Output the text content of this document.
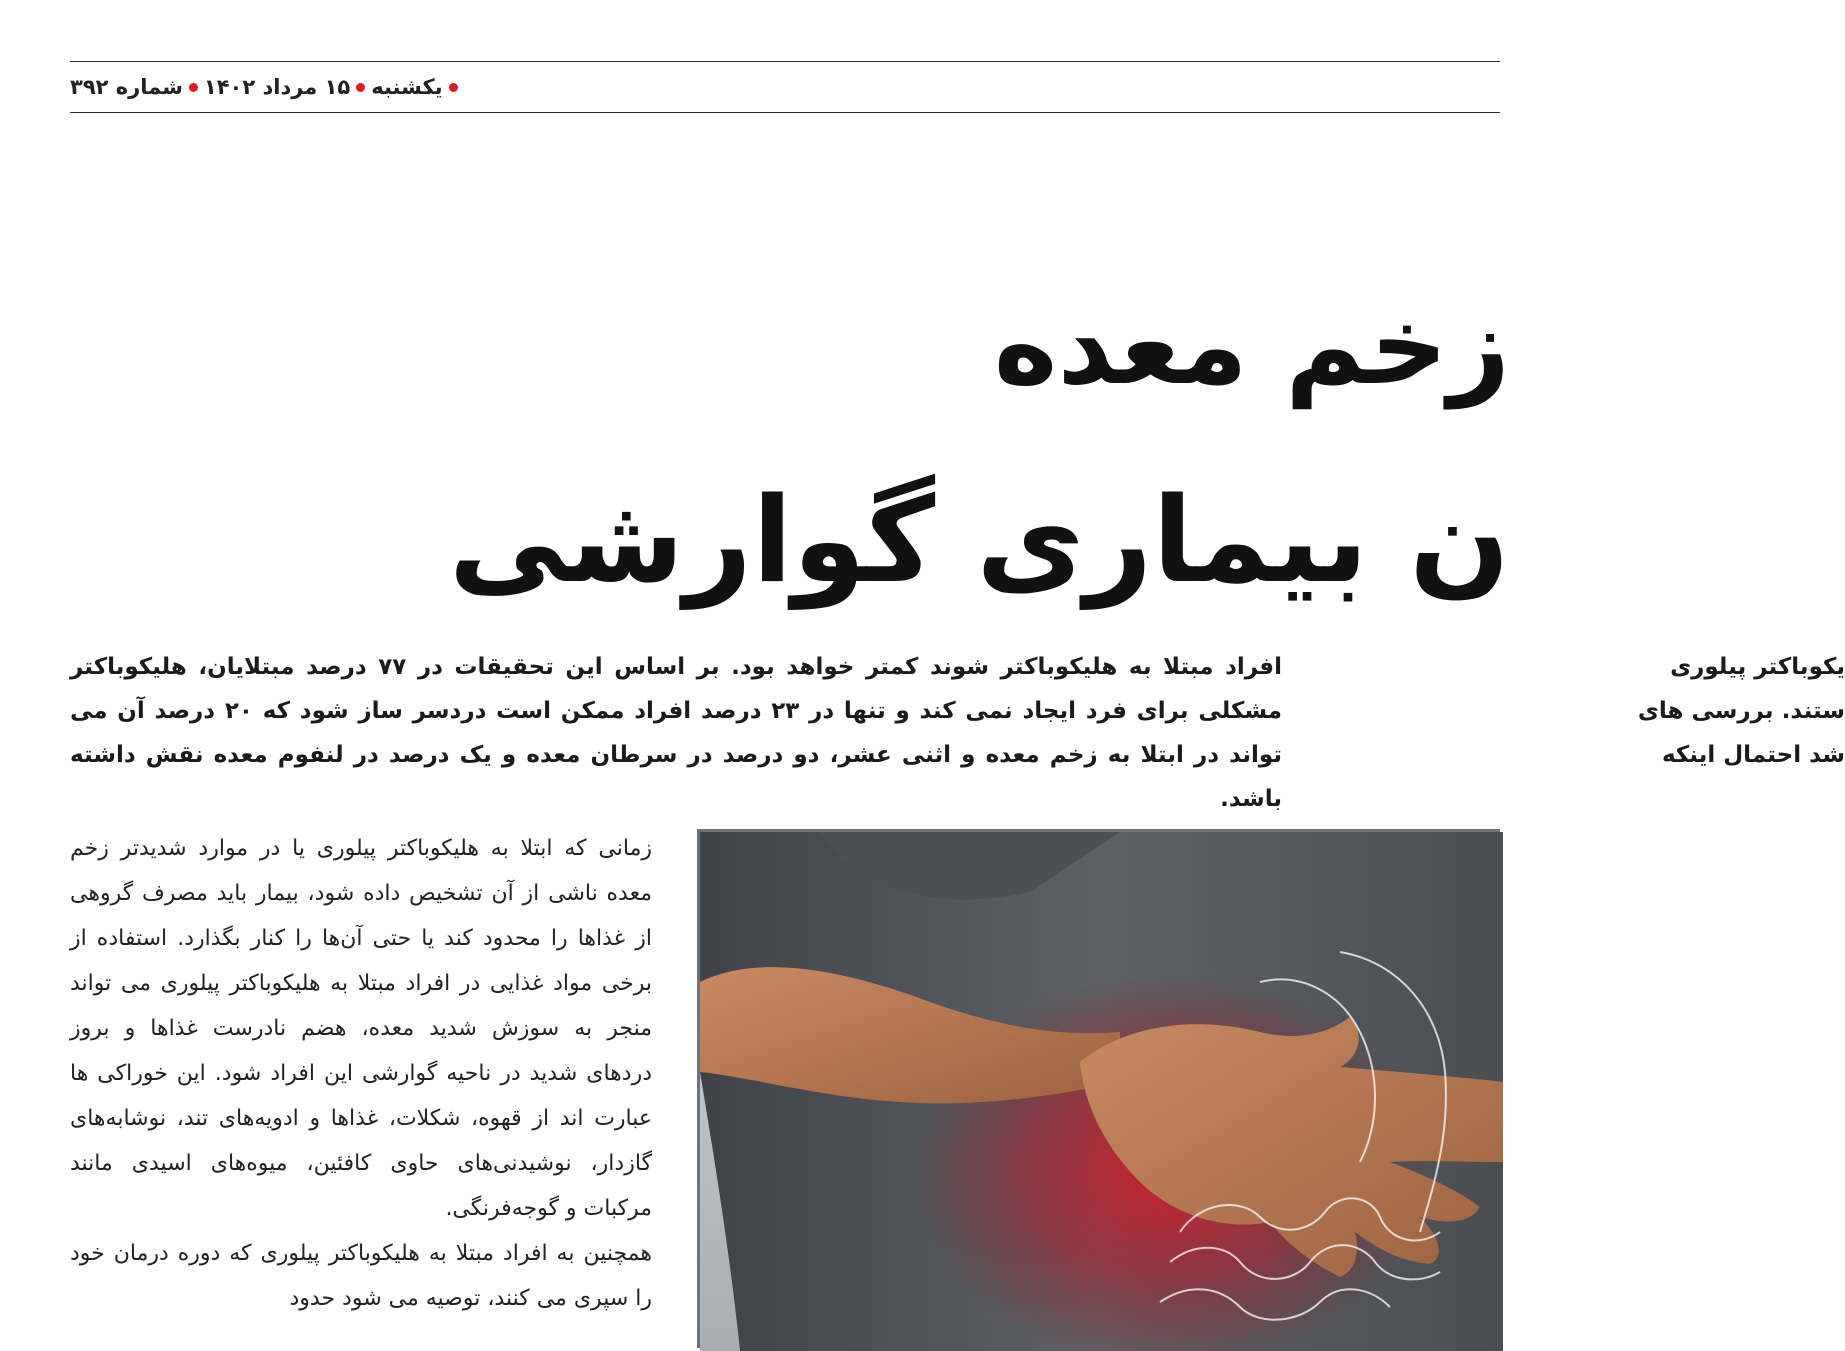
یکشنبه
۱۵ مرداد ۱۴۰۲
شماره ۳۹۲
زخم معده
ن بیماری گوارشی
یکوباکتر پیلوری
ستند. بررسی های
شد احتمال اینکه
افراد مبتلا به هلیکوباکتر شوند کمتر خواهد بود. بر اساس این تحقیقات در ۷۷ درصد مبتلایان، هلیکوباکتر مشکلی برای فرد ایجاد نمی کند و تنها در ۲۳ درصد افراد ممکن است دردسر ساز شود که ۲۰ درصد آن می تواند در ابتلا به زخم معده و اثنی عشر، دو درصد در سرطان معده و یک درصد در لنفوم معده نقش داشته باشد.

زمانی که ابتلا به هلیکوباکتر پیلوری یا در موارد شدیدتر زخم معده ناشی از آن تشخیص داده شود، بیمار باید مصرف گروهی از غذاها را محدود کند یا حتی آن‌ها را کنار بگذارد. استفاده از برخی مواد غذایی در افراد مبتلا به هلیکوباکتر پیلوری می تواند منجر به سوزش شدید معده، هضم نادرست غذاها و بروز دردهای شدید در ناحیه گوارشی این افراد شود. این خوراکی ها عبارت اند از قهوه، شکلات، غذاها و ادویه‌های تند، نوشابه‌های گازدار، نوشیدنی‌های حاوی کافئین، میوه‌های اسیدی مانند مرکبات و گوجه‌فرنگی.

همچنین به افراد مبتلا به هلیکوباکتر پیلوری که دوره درمان خود را سپری می کنند، توصیه می شود حدود
